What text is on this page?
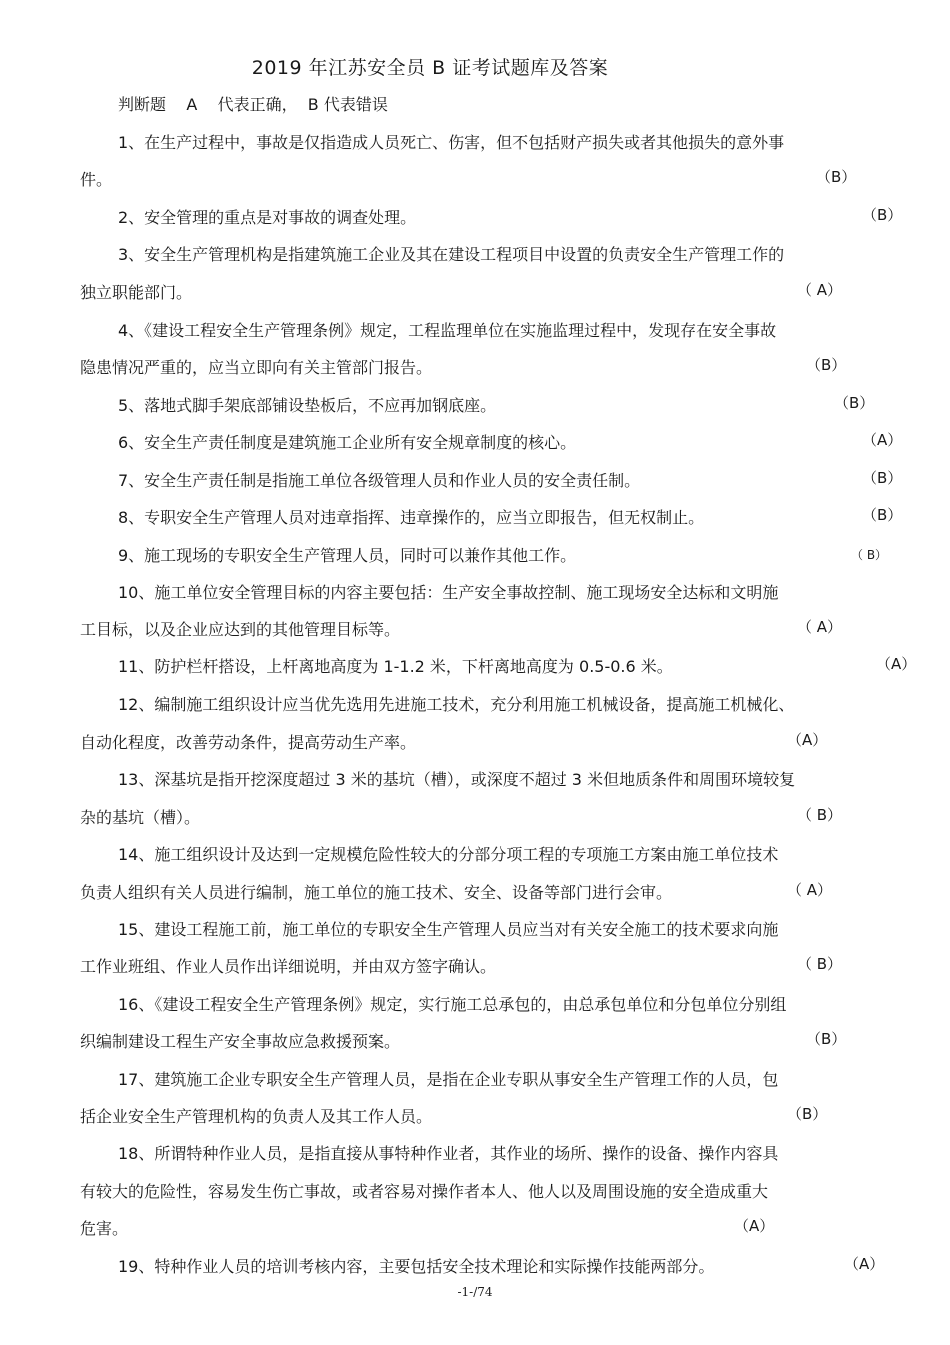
2019 年江苏安全员 B 证考试题库及答案
判断题    A    代表正确，  B 代表错误
1、在生产过程中，事故是仅指造成人员死亡、伤害，但不包括财产损失或者其他损失的意外事
件。	（B）
2、安全管理的重点是对事故的调查处理。	（B）
3、安全生产管理机构是指建筑施工企业及其在建设工程项目中设置的负责安全生产管理工作的
独立职能部门。	（ A）
4、《建设工程安全生产管理条例》规定，工程监理单位在实施监理过程中，发现存在安全事故
隐患情况严重的，应当立即向有关主管部门报告。	（B）
5、落地式脚手架底部铺设垫板后，不应再加钢底座。	（B）
6、安全生产责任制度是建筑施工企业所有安全规章制度的核心。	（A）
7、安全生产责任制是指施工单位各级管理人员和作业人员的安全责任制。	（B）
8、专职安全生产管理人员对违章指挥、违章操作的，应当立即报告，但无权制止。	（B）
9、施工现场的专职安全生产管理人员，同时可以兼作其他工作。	（ B）
10、施工单位安全管理目标的内容主要包括：生产安全事故控制、施工现场安全达标和文明施
工目标，以及企业应达到的其他管理目标等。	（ A）
11、防护栏杆搭设，上杆离地高度为 1-1.2 米，下杆离地高度为 0.5-0.6 米。	（A）
12、编制施工组织设计应当优先选用先进施工技术，充分利用施工机械设备，提高施工机械化、
自动化程度，改善劳动条件，提高劳动生产率。	（A）
13、深基坑是指开挖深度超过 3 米的基坑（槽），或深度不超过 3 米但地质条件和周围环境较复
杂的基坑（槽）。	（ B）
14、施工组织设计及达到一定规模危险性较大的分部分项工程的专项施工方案由施工单位技术
负责人组织有关人员进行编制，施工单位的施工技术、安全、设备等部门进行会审。	（ A）
15、建设工程施工前，施工单位的专职安全生产管理人员应当对有关安全施工的技术要求向施
工作业班组、作业人员作出详细说明，并由双方签字确认。	（ B）
16、《建设工程安全生产管理条例》规定，实行施工总承包的，由总承包单位和分包单位分别组
织编制建设工程生产安全事故应急救援预案。	（B）
17、建筑施工企业专职安全生产管理人员，是指在企业专职从事安全生产管理工作的人员，包
括企业安全生产管理机构的负责人及其工作人员。	（B）
18、所谓特种作业人员，是指直接从事特种作业者，其作业的场所、操作的设备、操作内容具
有较大的危险性，容易发生伤亡事故，或者容易对操作者本人、他人以及周围设施的安全造成重大
危害。	（A）
19、特种作业人员的培训考核内容，主要包括安全技术理论和实际操作技能两部分。	（A）
-1-/74
